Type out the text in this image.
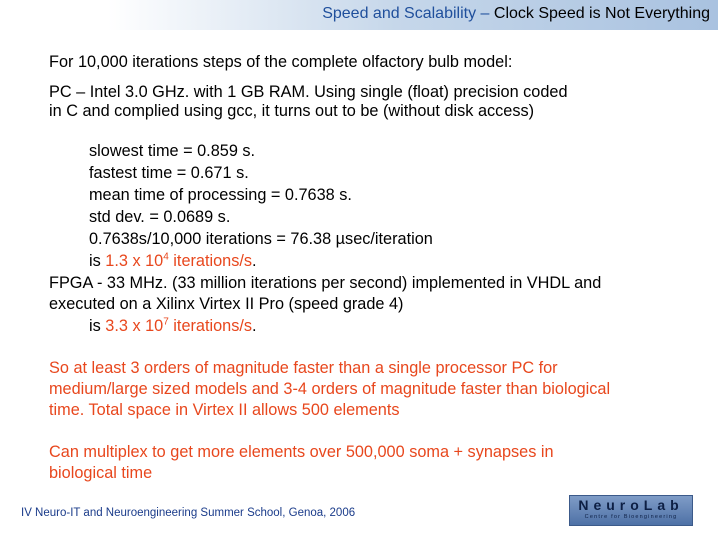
Speed and Scalability – Clock Speed is Not Everything
For 10,000 iterations steps of the complete olfactory bulb model:
PC – Intel 3.0 GHz. with 1 GB RAM. Using single (float) precision coded
in C and complied using gcc, it turns out to be (without disk access)
slowest time = 0.859 s.
fastest time = 0.671 s.
mean time of processing = 0.7638 s.
std dev. = 0.0689 s.
0.7638s/10,000 iterations = 76.38 µsec/iteration
is 1.3 x $10^4$ iterations/s.
FPGA - 33 MHz. (33 million iterations per second) implemented in VHDL and
executed on a Xilinx Virtex II Pro (speed grade 4)
is 3.3 x $10^7$ iterations/s.
So at least 3 orders of magnitude faster than a single processor PC for
medium/large sized models and 3-4 orders of magnitude faster than biological
time. Total space in Virtex II allows 500 elements
Can multiplex to get more elements over 500,000 soma + synapses in
biological time
IV Neuro-IT and Neuroengineering Summer School, Genoa, 2006	NeuroLab
Centre for Bioengineering
